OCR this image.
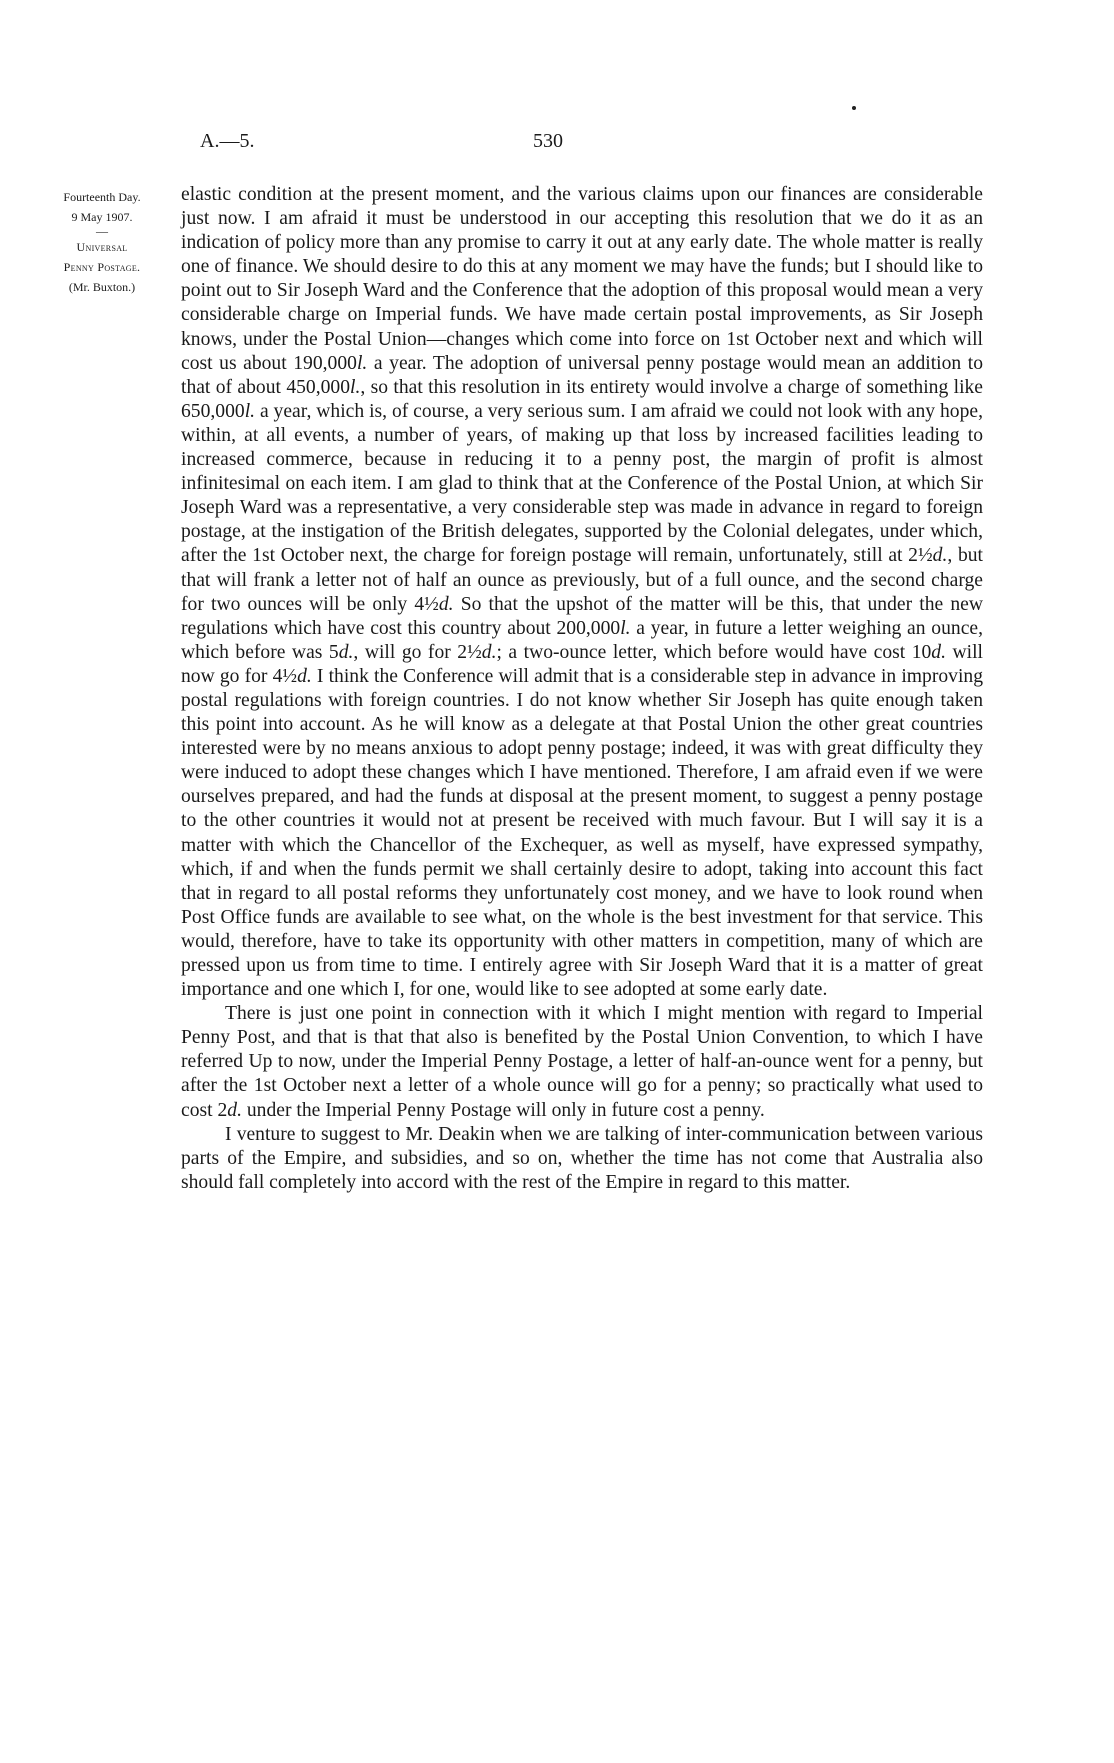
A.—5.	530
Fourteenth Day.
9 May 1907.
—
Universal
Penny Postage.
(Mr. Buxton.)

elastic condition at the present moment, and the various claims upon our finances are considerable just now. I am afraid it must be understood in our accepting this resolution that we do it as an indication of policy more than any promise to carry it out at any early date. The whole matter is really one of finance. We should desire to do this at any moment we may have the funds; but I should like to point out to Sir Joseph Ward and the Conference that the adoption of this proposal would mean a very considerable charge on Imperial funds. We have made certain postal improvements, as Sir Joseph knows, under the Postal Union—changes which come into force on 1st October next and which will cost us about 190,000l. a year. The adoption of universal penny postage would mean an addition to that of about 450,000l., so that this resolution in its entirety would involve a charge of something like 650,000l. a year, which is, of course, a very serious sum. I am afraid we could not look with any hope, within, at all events, a number of years, of making up that loss by increased facilities leading to increased commerce, because in reducing it to a penny post, the margin of profit is almost infinitesimal on each item. I am glad to think that at the Conference of the Postal Union, at which Sir Joseph Ward was a representative, a very considerable step was made in advance in regard to foreign postage, at the instigation of the British delegates, supported by the Colonial delegates, under which, after the 1st October next, the charge for foreign postage will remain, unfortunately, still at 2½d., but that will frank a letter not of half an ounce as previously, but of a full ounce, and the second charge for two ounces will be only 4½d. So that the upshot of the matter will be this, that under the new regulations which have cost this country about 200,000l. a year, in future a letter weighing an ounce, which before was 5d., will go for 2½d.; a two-ounce letter, which before would have cost 10d. will now go for 4½d. I think the Conference will admit that is a considerable step in advance in improving postal regulations with foreign countries. I do not know whether Sir Joseph has quite enough taken this point into account. As he will know as a delegate at that Postal Union the other great countries interested were by no means anxious to adopt penny postage; indeed, it was with great difficulty they were induced to adopt these changes which I have mentioned. Therefore, I am afraid even if we were ourselves prepared, and had the funds at disposal at the present moment, to suggest a penny postage to the other countries it would not at present be received with much favour. But I will say it is a matter with which the Chancellor of the Exchequer, as well as myself, have expressed sympathy, which, if and when the funds permit we shall certainly desire to adopt, taking into account this fact that in regard to all postal reforms they unfortunately cost money, and we have to look round when Post Office funds are available to see what, on the whole is the best investment for that service. This would, therefore, have to take its opportunity with other matters in competition, many of which are pressed upon us from time to time. I entirely agree with Sir Joseph Ward that it is a matter of great importance and one which I, for one, would like to see adopted at some early date.

There is just one point in connection with it which I might mention with regard to Imperial Penny Post, and that is that that also is benefited by the Postal Union Convention, to which I have referred Up to now, under the Imperial Penny Postage, a letter of half-an-ounce went for a penny, but after the 1st October next a letter of a whole ounce will go for a penny; so practically what used to cost 2d. under the Imperial Penny Postage will only in future cost a penny.

I venture to suggest to Mr. Deakin when we are talking of inter-communication between various parts of the Empire, and subsidies, and so on, whether the time has not come that Australia also should fall completely into accord with the rest of the Empire in regard to this matter.
